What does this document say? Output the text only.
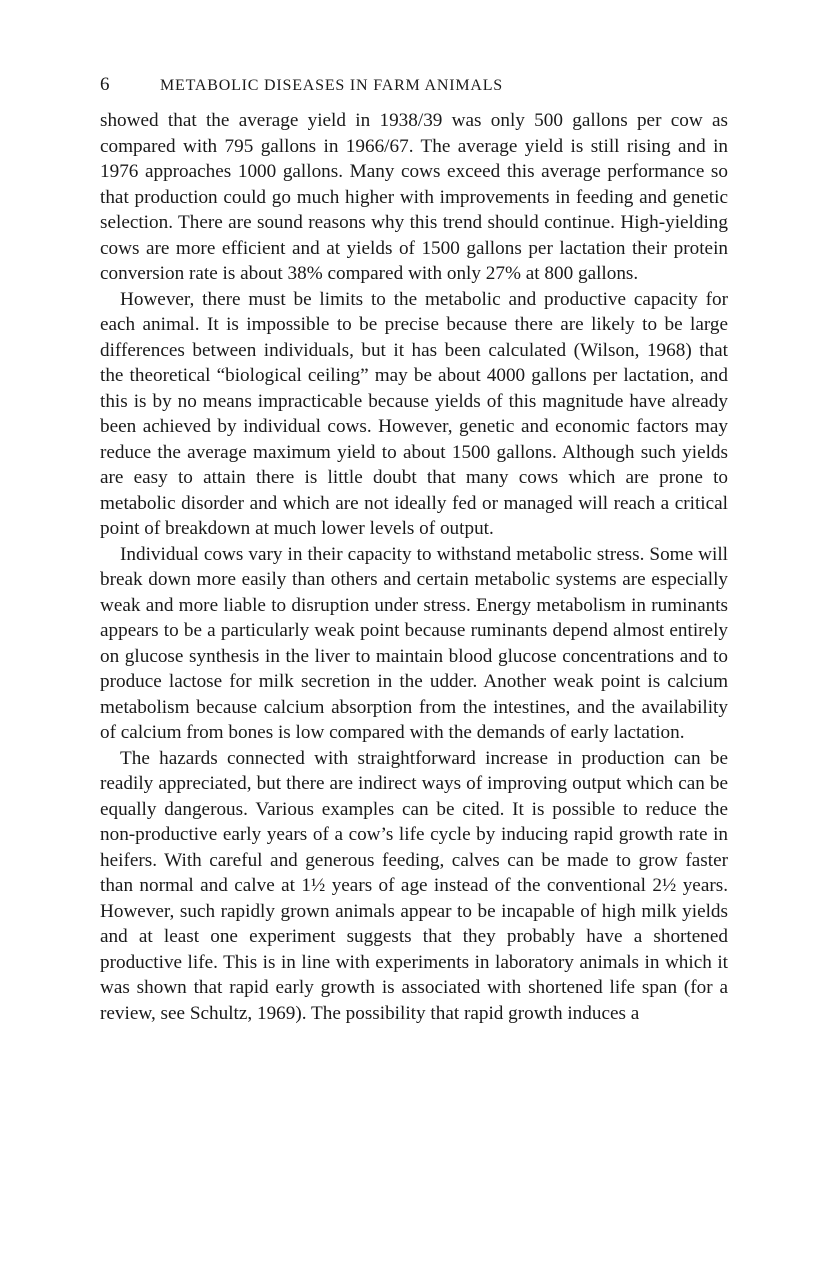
6	METABOLIC DISEASES IN FARM ANIMALS

showed that the average yield in 1938/39 was only 500 gallons per cow as compared with 795 gallons in 1966/67. The average yield is still rising and in 1976 approaches 1000 gallons. Many cows exceed this average performance so that production could go much higher with improvements in feeding and genetic selection. There are sound reasons why this trend should continue. High-yielding cows are more efficient and at yields of 1500 gallons per lactation their protein conversion rate is about 38% compared with only 27% at 800 gallons.

However, there must be limits to the metabolic and productive capacity for each animal. It is impossible to be precise because there are likely to be large differences between individuals, but it has been calculated (Wilson, 1968) that the theoretical “biological ceiling” may be about 4000 gallons per lactation, and this is by no means impracticable because yields of this magnitude have already been achieved by individual cows. However, genetic and economic factors may reduce the average maximum yield to about 1500 gallons. Although such yields are easy to attain there is little doubt that many cows which are prone to metabolic disorder and which are not ideally fed or managed will reach a critical point of breakdown at much lower levels of output.

Individual cows vary in their capacity to withstand metabolic stress. Some will break down more easily than others and certain metabolic systems are especially weak and more liable to disruption under stress. Energy metabolism in ruminants appears to be a particularly weak point because ruminants depend almost entirely on glucose synthesis in the liver to maintain blood glucose concentrations and to produce lactose for milk secretion in the udder. Another weak point is calcium metabolism because calcium absorption from the intestines, and the availability of calcium from bones is low compared with the demands of early lactation.

The hazards connected with straightforward increase in production can be readily appreciated, but there are indirect ways of improving output which can be equally dangerous. Various examples can be cited. It is possible to reduce the non-productive early years of a cow’s life cycle by inducing rapid growth rate in heifers. With careful and generous feeding, calves can be made to grow faster than normal and calve at 1½ years of age instead of the conventional 2½ years. However, such rapidly grown animals appear to be incapable of high milk yields and at least one experiment suggests that they probably have a shortened productive life. This is in line with experiments in laboratory animals in which it was shown that rapid early growth is associated with shortened life span (for a review, see Schultz, 1969). The possibility that rapid growth induces a
